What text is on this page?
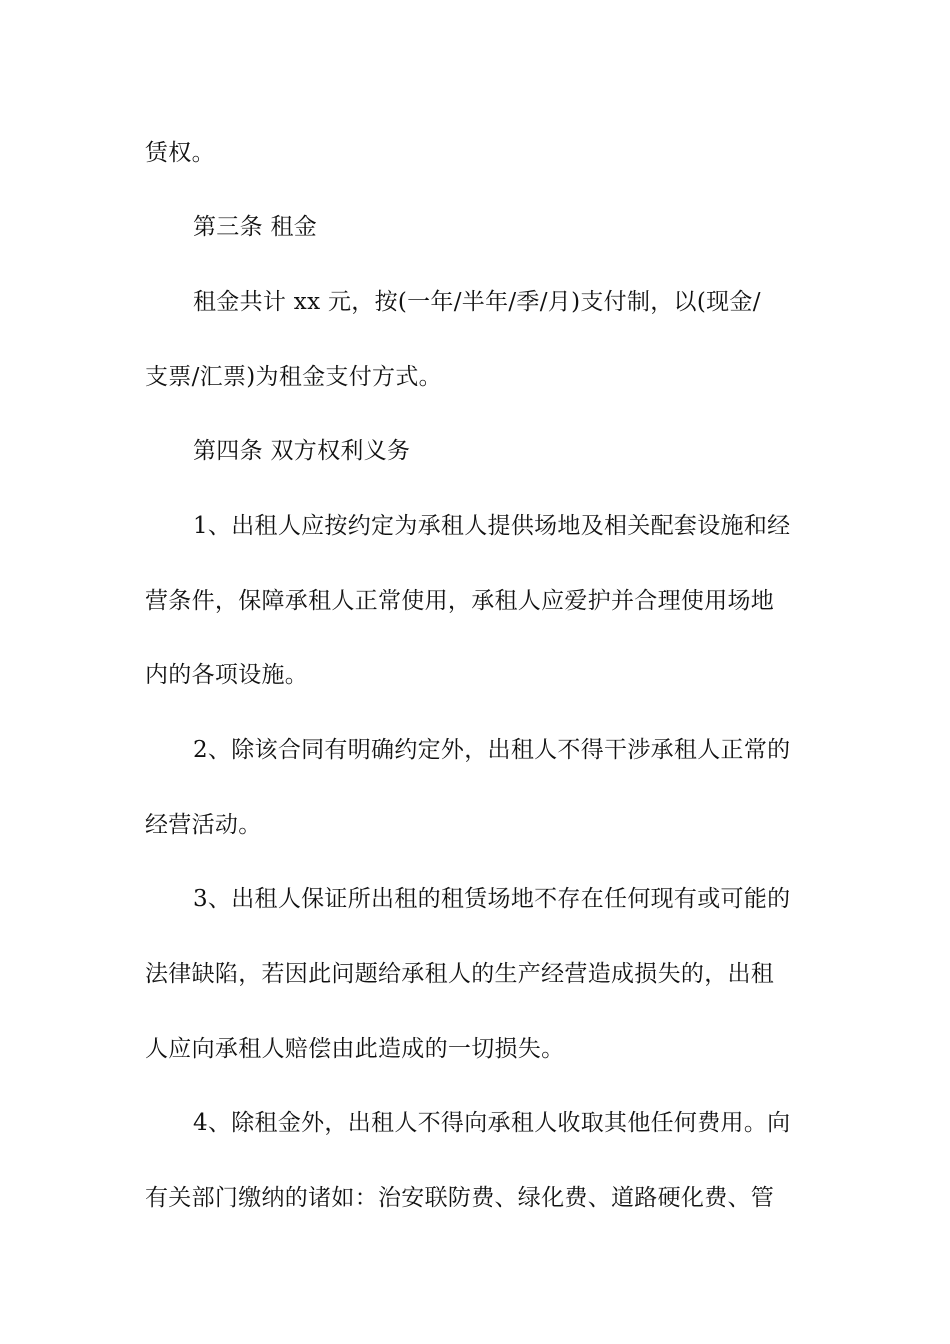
赁权。
第三条 租金
租金共计 xx 元，按(一年/半年/季/月)支付制，以(现金/
支票/汇票)为租金支付方式。
第四条 双方权利义务
1、出租人应按约定为承租人提供场地及相关配套设施和经
营条件，保障承租人正常使用，承租人应爱护并合理使用场地
内的各项设施。
2、除该合同有明确约定外，出租人不得干涉承租人正常的
经营活动。
3、出租人保证所出租的租赁场地不存在任何现有或可能的
法律缺陷，若因此问题给承租人的生产经营造成损失的，出租
人应向承租人赔偿由此造成的一切损失。
4、除租金外，出租人不得向承租人收取其他任何费用。向
有关部门缴纳的诸如：治安联防费、绿化费、道路硬化费、管
